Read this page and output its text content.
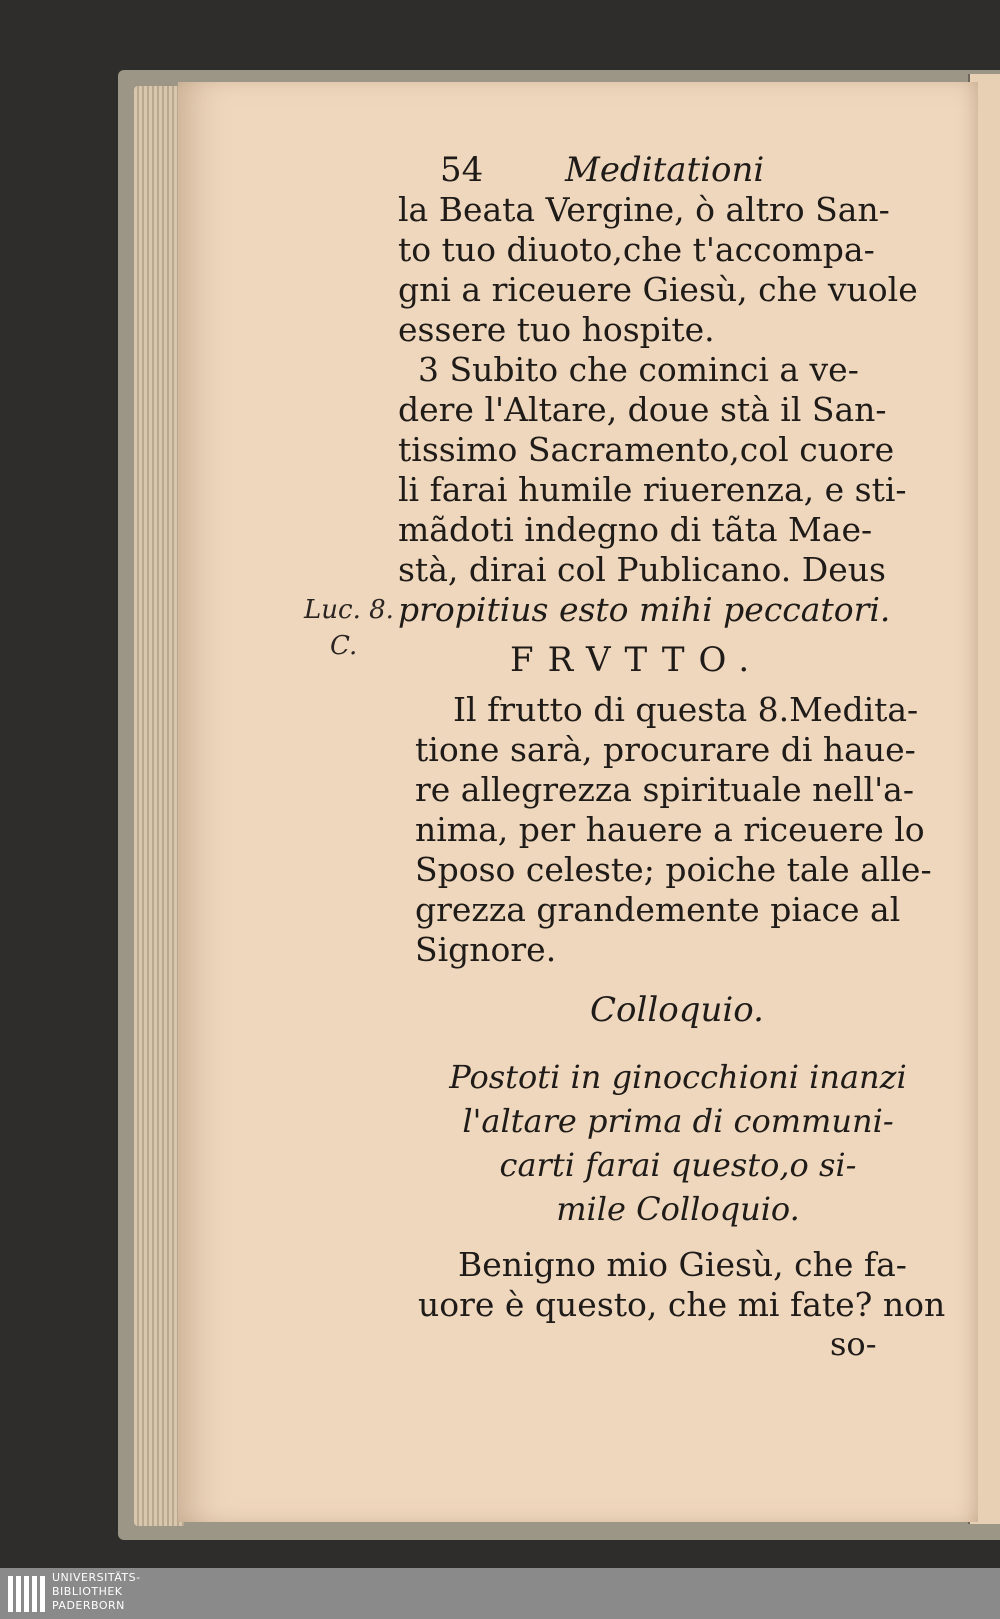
54 Meditationi
la Beata Vergine, ò altro San-
to tuo diuoto,che t'accompa-
gni a riceuere Giesù, che vuole
essere tuo hospite.
3 Subito che cominci a ve-
dere l'Altare, doue stà il San-
tissimo Sacramento,col cuore
li farai humile riuerenza, e sti-
mãdoti indegno di tãta Mae-
stà, dirai col Publicano. Deus
propitius esto mihi peccatori.
Luc. 8.
C.	FRVTTO.
Il frutto di questa 8.Medita-
tione sarà, procurare di haue-
re allegrezza spirituale nell'a-
nima, per hauere a riceuere lo
Sposo celeste; poiche tale alle-
grezza grandemente piace al
Signore.
Colloquio.
Postoti in ginocchioni inanzi
l'altare prima di communi-
carti farai questo,o si-
mile Colloquio.
Benigno mio Giesù, che fa-
uore è questo, che mi fate? non
so-
UNIVERSITÄTS-
BIBLIOTHEK
PADERBORN
